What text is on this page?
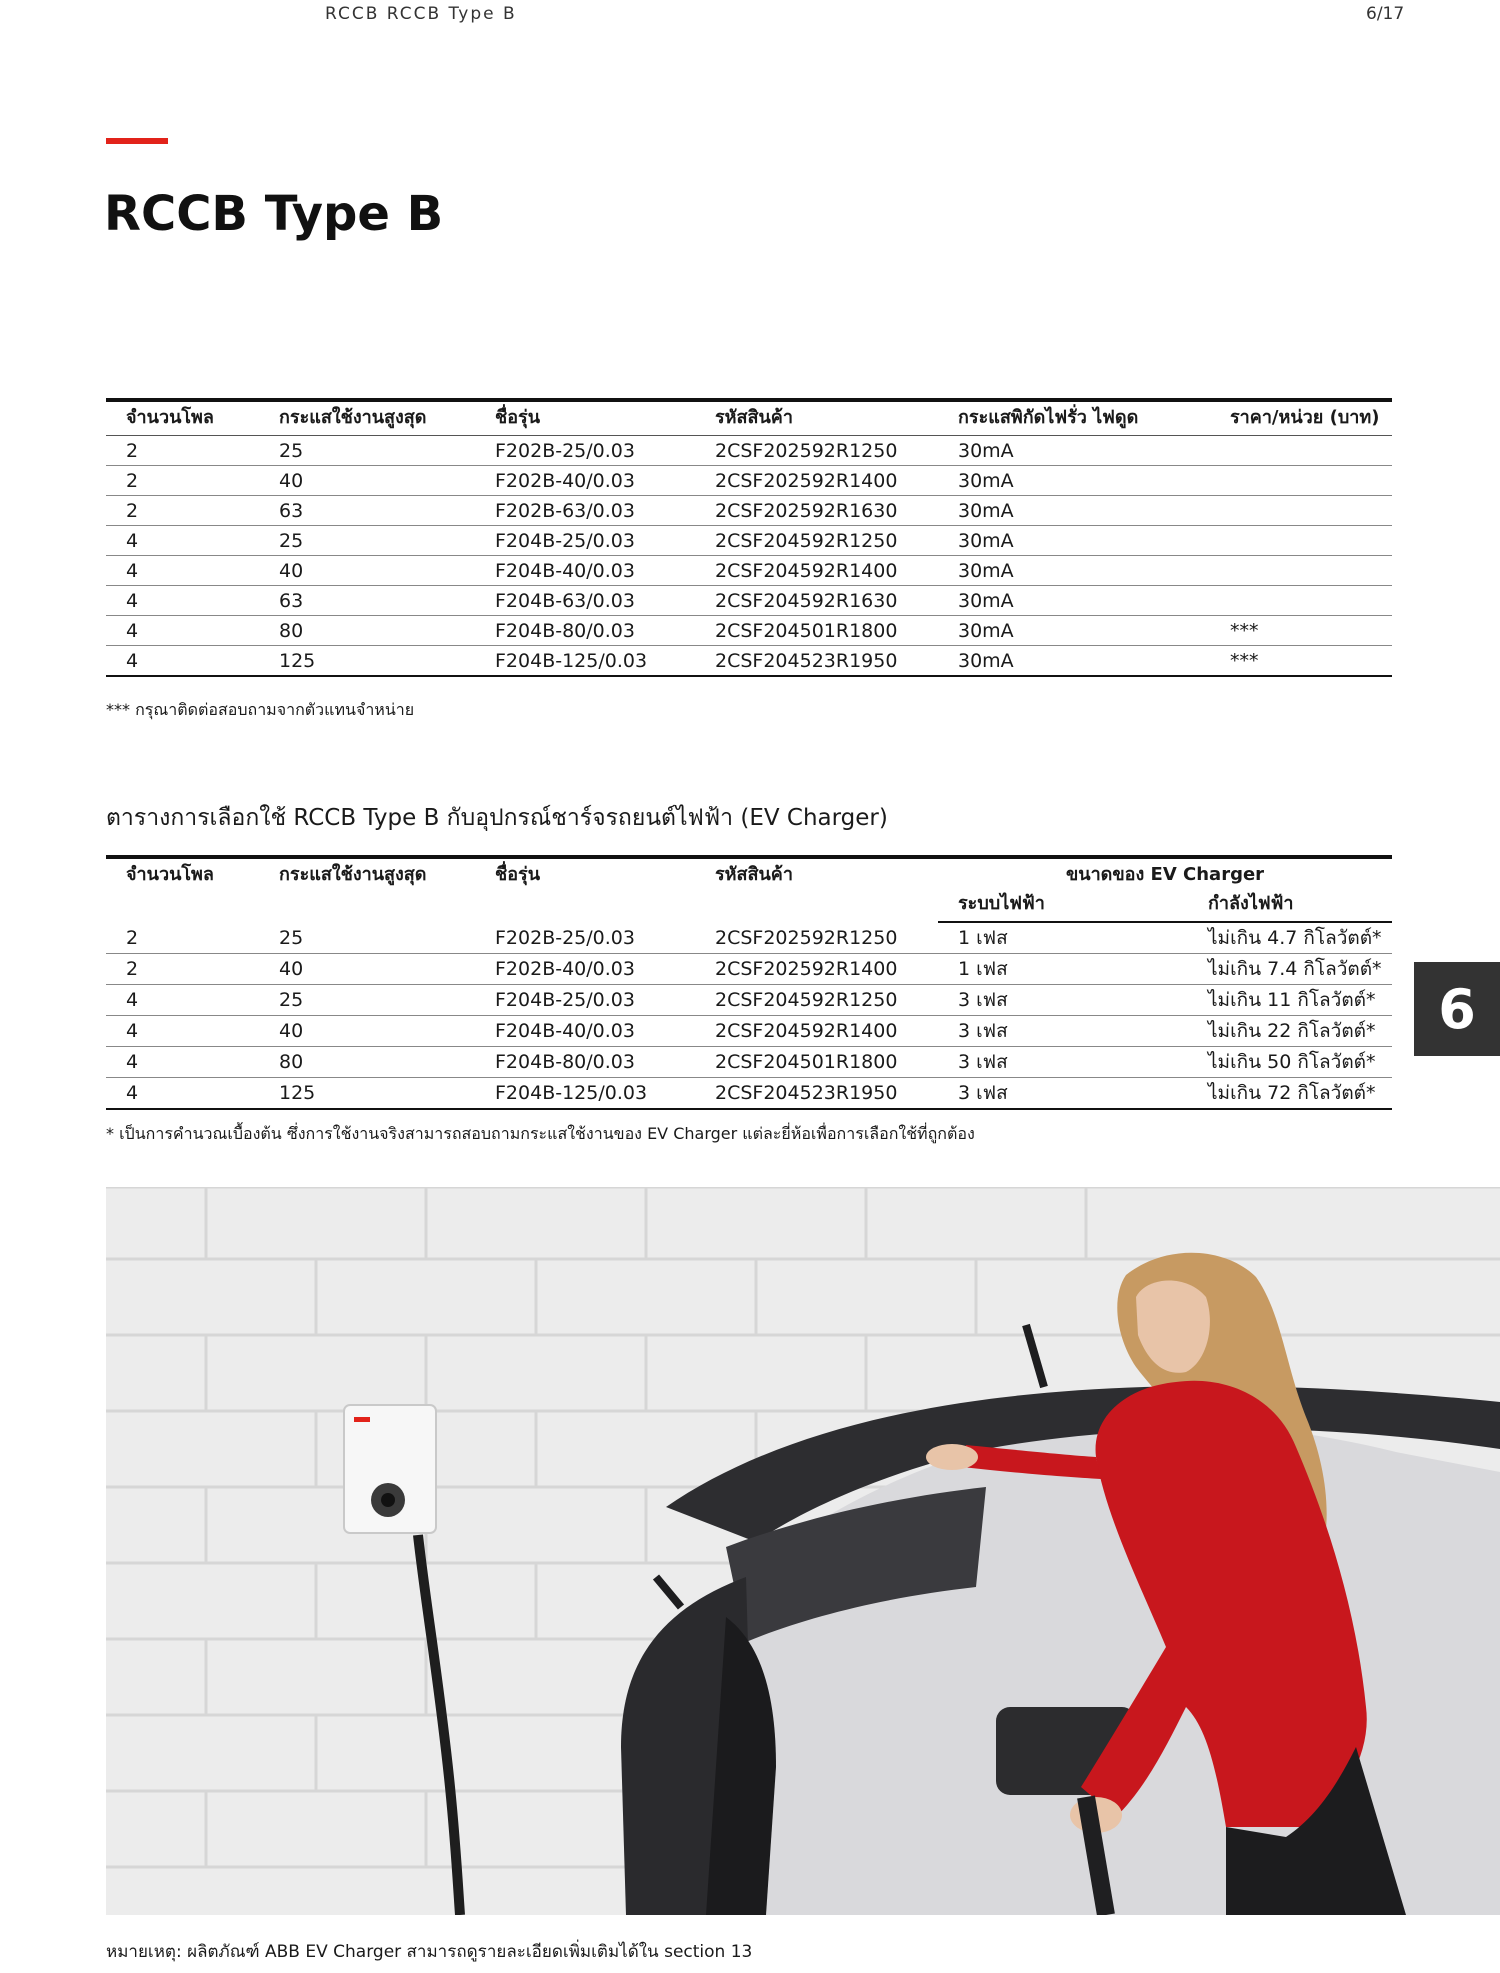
RCCB RCCB Type B	6/17
RCCB Type B
จำนวนโพล	กระแสใช้งานสูงสุด	ชื่อรุ่น	รหัสสินค้า	กระแสพิกัดไฟรั่ว ไฟดูด	ราคา/หน่วย (บาท)
2	25	F202B-25/0.03	2CSF202592R1250	30mA	
2	40	F202B-40/0.03	2CSF202592R1400	30mA	
2	63	F202B-63/0.03	2CSF202592R1630	30mA	
4	25	F204B-25/0.03	2CSF204592R1250	30mA	
4	40	F204B-40/0.03	2CSF204592R1400	30mA	
4	63	F204B-63/0.03	2CSF204592R1630	30mA	
4	80	F204B-80/0.03	2CSF204501R1800	30mA	***
4	125	F204B-125/0.03	2CSF204523R1950	30mA	***

*** กรุณาติดต่อสอบถามจากตัวแทนจำหน่าย

ตารางการเลือกใช้ RCCB Type B กับอุปกรณ์ชาร์จรถยนต์ไฟฟ้า (EV Charger)
จำนวนโพล	กระแสใช้งานสูงสุด	ชื่อรุ่น	รหัสสินค้า	ขนาดของ EV Charger	
				ระบบไฟฟ้า	กำลังไฟฟ้า
2	25	F202B-25/0.03	2CSF202592R1250	1 เฟส	ไม่เกิน 4.7 กิโลวัตต์*
2	40	F202B-40/0.03	2CSF202592R1400	1 เฟส	ไม่เกิน 7.4 กิโลวัตต์*
4	25	F204B-25/0.03	2CSF204592R1250	3 เฟส	ไม่เกิน 11 กิโลวัตต์*
4	40	F204B-40/0.03	2CSF204592R1400	3 เฟส	ไม่เกิน 22 กิโลวัตต์*
4	80	F204B-80/0.03	2CSF204501R1800	3 เฟส	ไม่เกิน 50 กิโลวัตต์*
4	125	F204B-125/0.03	2CSF204523R1950	3 เฟส	ไม่เกิน 72 กิโลวัตต์*

* เป็นการคำนวณเบื้องต้น ซึ่งการใช้งานจริงสามารถสอบถามกระแสใช้งานของ EV Charger แต่ละยี่ห้อเพื่อการเลือกใช้ที่ถูกต้อง

6

หมายเหตุ: ผลิตภัณฑ์ ABB EV Charger สามารถดูรายละเอียดเพิ่มเติมได้ใน section 13
